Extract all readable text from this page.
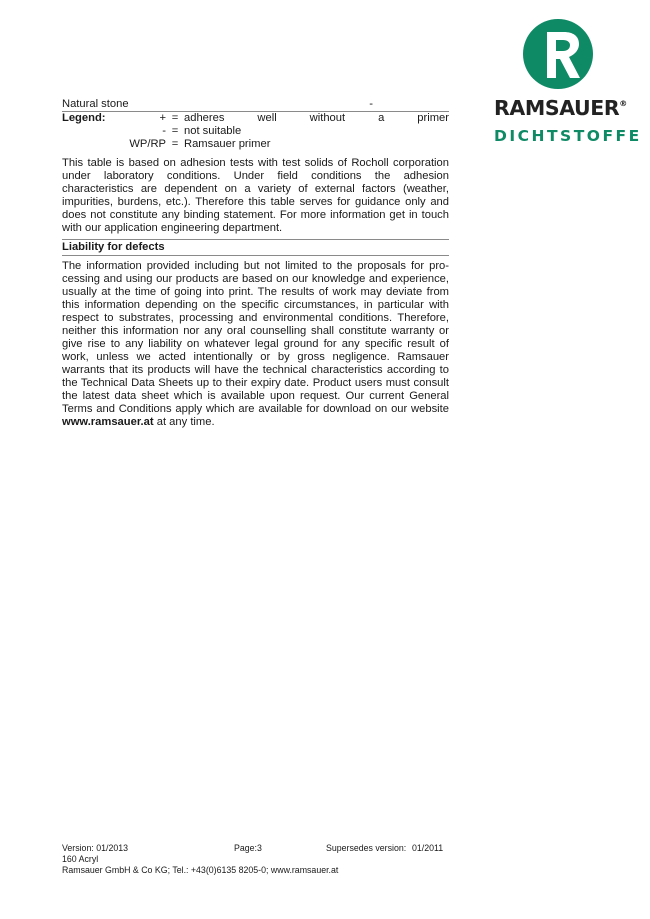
RAMSAUER®
DICHTSTOFFE
Natural stone	-
Legend:	+ = adheres well without a primer
- = not suitable
WP/RP = Ramsauer primer

This table is based on adhesion tests with test solids of Rocholl corporation under laboratory conditions. Under field conditions the adhesion characteristics are dependent on a variety of external factors (weather, impurities, burdens, etc.). Therefore this table serves for guidance only and does not constitute any binding statement. For more information get in touch with our application engineering department.

Liability for defects

The information provided including but not limited to the proposals for processing and using our products are based on our knowledge and experience, usually at the time of going into print. The results of work may deviate from this information depending on the specific circumstances, in particular with respect to substrates, processing and environmental conditions. Therefore, neither this information nor any oral counselling shall constitute warranty or give rise to any liability on whatever legal ground for any specific result of work, unless we acted intentionally or by gross negligence. Ramsauer warrants that its products will have the technical characteristics according to the Technical Data Sheets up to their expiry date. Product users must consult the latest data sheet which is available upon request. Our current General Terms and Conditions apply which are available for download on our website www.ramsauer.at at any time.

Version: 01/2013	Page:3	Supersedes version: 01/2011
160 Acryl
Ramsauer GmbH & Co KG; Tel.: +43(0)6135 8205-0; www.ramsauer.at
